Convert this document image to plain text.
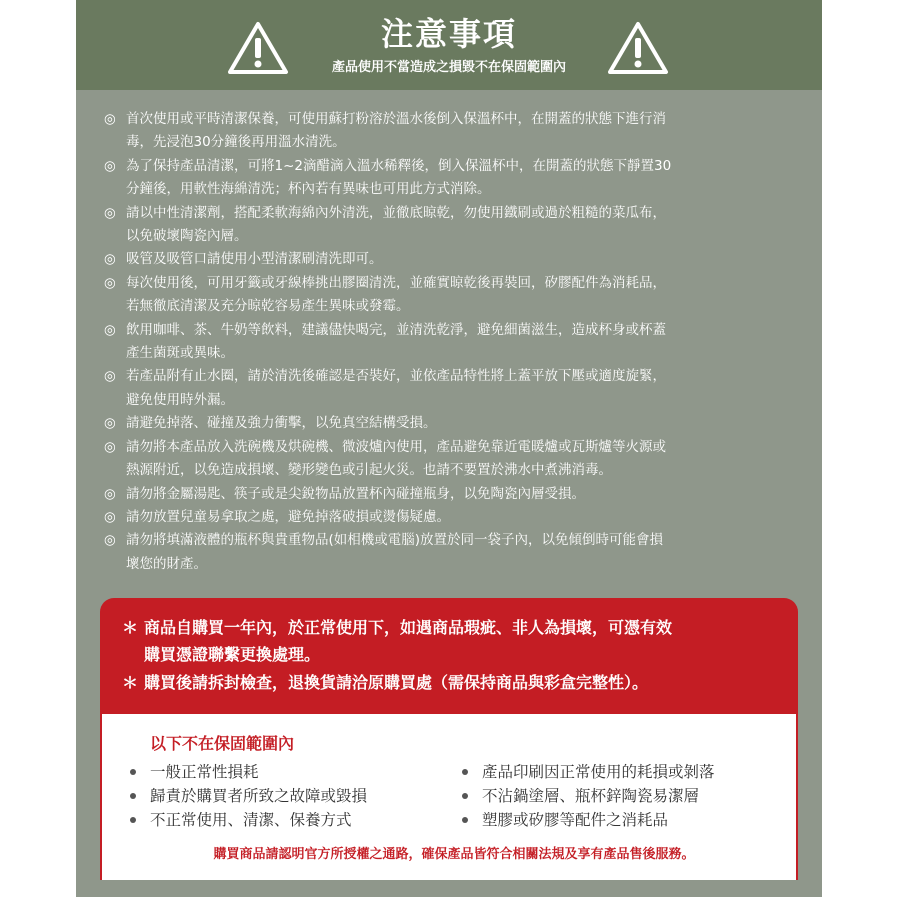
注意事項
產品使用不當造成之損毀不在保固範圍內
◎ 首次使用或平時清潔保養，可使用蘇打粉溶於溫水後倒入保溫杯中，在開蓋的狀態下進行消
毒，先浸泡30分鐘後再用溫水清洗。
◎ 為了保持產品清潔，可將1~2滴醋滴入溫水稀釋後，倒入保溫杯中，在開蓋的狀態下靜置30
分鐘後，用軟性海綿清洗；杯內若有異味也可用此方式消除。
◎ 請以中性清潔劑，搭配柔軟海綿內外清洗，並徹底晾乾，勿使用鐵刷或過於粗糙的菜瓜布，
以免破壞陶瓷內層。
◎ 吸管及吸管口請使用小型清潔刷清洗即可。
◎ 每次使用後，可用牙籤或牙線棒挑出膠圈清洗，並確實晾乾後再裝回，矽膠配件為消耗品，
若無徹底清潔及充分晾乾容易產生異味或發霉。
◎ 飲用咖啡、茶、牛奶等飲料，建議儘快喝完，並清洗乾淨，避免細菌滋生，造成杯身或杯蓋
產生菌斑或異味。
◎ 若產品附有止水圈，請於清洗後確認是否裝好，並依產品特性將上蓋平放下壓或適度旋緊，
避免使用時外漏。
◎ 請避免掉落、碰撞及強力衝擊，以免真空結構受損。
◎ 請勿將本產品放入洗碗機及烘碗機、微波爐內使用，產品避免靠近電暖爐或瓦斯爐等火源或
熱源附近，以免造成損壞、變形變色或引起火災。也請不要置於沸水中煮沸消毒。
◎ 請勿將金屬湯匙、筷子或是尖銳物品放置杯內碰撞瓶身，以免陶瓷內層受損。
◎ 請勿放置兒童易拿取之處，避免掉落破損或燙傷疑慮。
◎ 請勿將填滿液體的瓶杯與貴重物品(如相機或電腦)放置於同一袋子內，以免傾倒時可能會損
壞您的財產。
＊ 商品自購買一年內，於正常使用下，如遇商品瑕疵、非人為損壞，可憑有效
購買憑證聯繫更換處理。
＊ 購買後請拆封檢查，退換貨請洽原購買處（需保持商品與彩盒完整性）。
以下不在保固範圍內
一般正常性損耗
歸責於購買者所致之故障或毀損
不正常使用、清潔、保養方式
產品印刷因正常使用的耗損或剝落
不沾鍋塗層、瓶杯鋅陶瓷易潔層
塑膠或矽膠等配件之消耗品
購買商品請認明官方所授權之通路，確保產品皆符合相關法規及享有產品售後服務。
